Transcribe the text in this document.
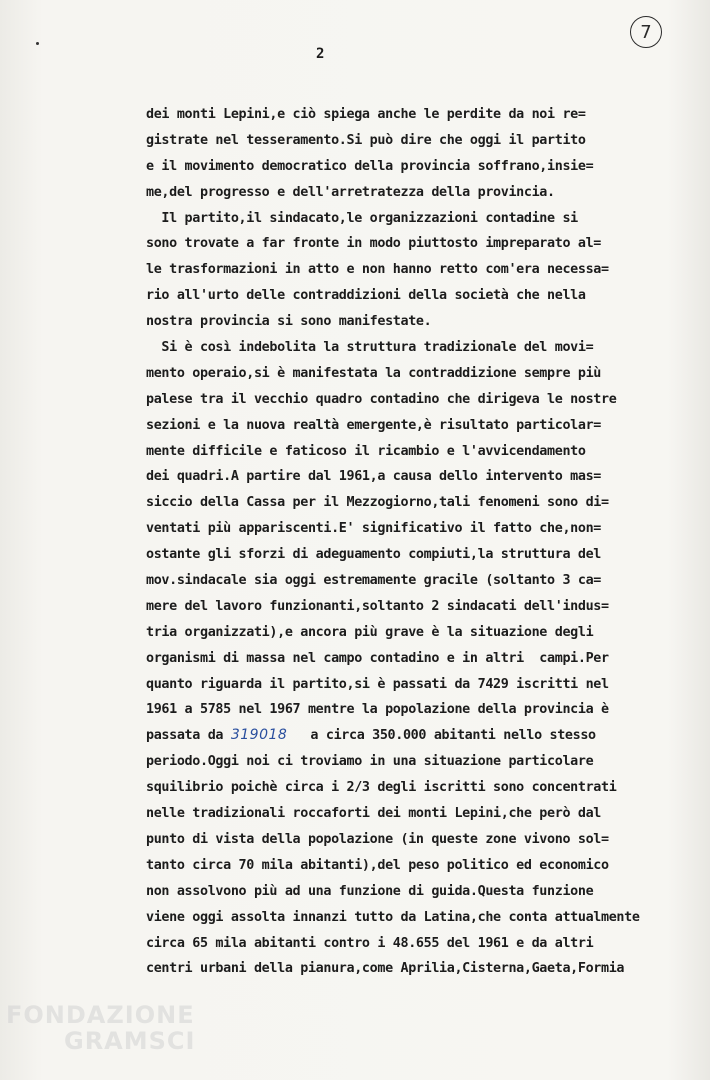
2
7
dei monti Lepini,e ciò spiega anche le perdite da noi re=
gistrate nel tesseramento.Si può dire che oggi il partito
e il movimento democratico della provincia soffrano,insie=
me,del progresso e dell'arretratezza della provincia.
Il partito,il sindacato,le organizzazioni contadine si
sono trovate a far fronte in modo piuttosto impreparato al=
le trasformazioni in atto e non hanno retto com'era necessa=
rio all'urto delle contraddizioni della società che nella
nostra provincia si sono manifestate.
Si è così indebolita la struttura tradizionale del movi=
mento operaio,si è manifestata la contraddizione sempre più
palese tra il vecchio quadro contadino che dirigeva le nostre
sezioni e la nuova realtà emergente,è risultato particolar=
mente difficile e faticoso il ricambio e l'avvicendamento
dei quadri.A partire dal 1961,a causa dello intervento mas=
siccio della Cassa per il Mezzogiorno,tali fenomeni sono di=
ventati più appariscenti.E' significativo il fatto che,non=
ostante gli sforzi di adeguamento compiuti,la struttura del
mov.sindacale sia oggi estremamente gracile (soltanto 3 ca=
mere del lavoro funzionanti,soltanto 2 sindacati dell'indus=
tria organizzati),e ancora più grave è la situazione degli
organismi di massa nel campo contadino e in altri  campi.Per
quanto riguarda il partito,si è passati da 7429 iscritti nel
1961 a 5785 nel 1967 mentre la popolazione della provincia è
passata da 319018   a circa 350.000 abitanti nello stesso
periodo.Oggi noi ci troviamo in una situazione particolare
squilibrio poichè circa i 2/3 degli iscritti sono concentrati
nelle tradizionali roccaforti dei monti Lepini,che però dal
punto di vista della popolazione (in queste zone vivono sol=
tanto circa 70 mila abitanti),del peso politico ed economico
non assolvono più ad una funzione di guida.Questa funzione
viene oggi assolta innanzi tutto da Latina,che conta attualmente
circa 65 mila abitanti contro i 48.655 del 1961 e da altri
centri urbani della pianura,come Aprilia,Cisterna,Gaeta,Formia
FONDAZIONE
GRAMSCI
